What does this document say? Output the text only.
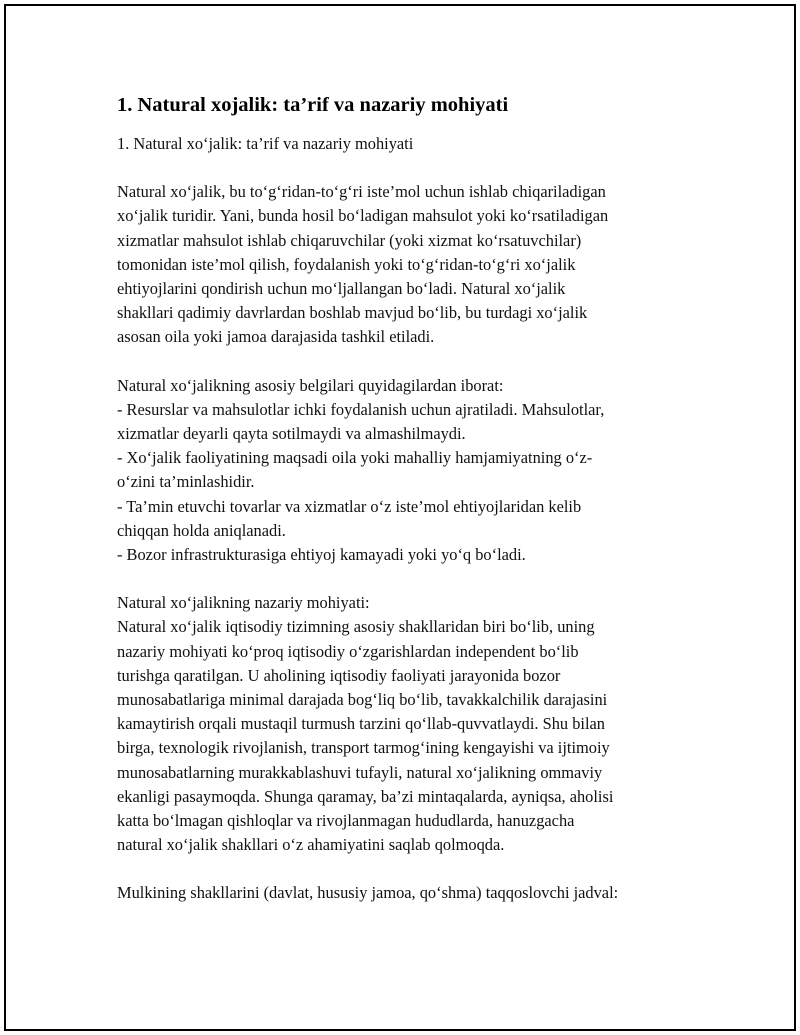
1. Natural xojalik: ta’rif va nazariy mohiyati
1. Natural xo‘jalik: ta’rif va nazariy mohiyati
Natural xo‘jalik, bu to‘g‘ridan-to‘g‘ri iste’mol uchun ishlab chiqariladigan
xo‘jalik turidir. Yani, bunda hosil bo‘ladigan mahsulot yoki ko‘rsatiladigan
xizmatlar mahsulot ishlab chiqaruvchilar (yoki xizmat ko‘rsatuvchilar)
tomonidan iste’mol qilish, foydalanish yoki to‘g‘ridan-to‘g‘ri xo‘jalik
ehtiyojlarini qondirish uchun mo‘ljallangan bo‘ladi. Natural xo‘jalik
shakllari qadimiy davrlardan boshlab mavjud bo‘lib, bu turdagi xo‘jalik
asosan oila yoki jamoa darajasida tashkil etiladi.
Natural xo‘jalikning asosiy belgilari quyidagilardan iborat:
- Resurslar va mahsulotlar ichki foydalanish uchun ajratiladi. Mahsulotlar,
xizmatlar deyarli qayta sotilmaydi va almashilmaydi.
- Xo‘jalik faoliyatining maqsadi oila yoki mahalliy hamjamiyatning o‘z-
o‘zini ta’minlashidir.
- Ta’min etuvchi tovarlar va xizmatlar o‘z iste’mol ehtiyojlaridan kelib
chiqqan holda aniqlanadi.
- Bozor infrastrukturasiga ehtiyoj kamayadi yoki yo‘q bo‘ladi.
Natural xo‘jalikning nazariy mohiyati:
Natural xo‘jalik iqtisodiy tizimning asosiy shakllaridan biri bo‘lib, uning
nazariy mohiyati ko‘proq iqtisodiy o‘zgarishlardan independent bo‘lib
turishga qaratilgan. U aholining iqtisodiy faoliyati jarayonida bozor
munosabatlariga minimal darajada bog‘liq bo‘lib, tavakkalchilik darajasini
kamaytirish orqali mustaqil turmush tarzini qo‘llab-quvvatlaydi. Shu bilan
birga, texnologik rivojlanish, transport tarmog‘ining kengayishi va ijtimoiy
munosabatlarning murakkablashuvi tufayli, natural xo‘jalikning ommaviy
ekanligi pasaymoqda. Shunga qaramay, ba’zi mintaqalarda, ayniqsa, aholisi
katta bo‘lmagan qishloqlar va rivojlanmagan hududlarda, hanuzgacha
natural xo‘jalik shakllari o‘z ahamiyatini saqlab qolmoqda.
Mulkining shakllarini (davlat, hususiy jamoa, qo‘shma) taqqoslovchi jadval:
